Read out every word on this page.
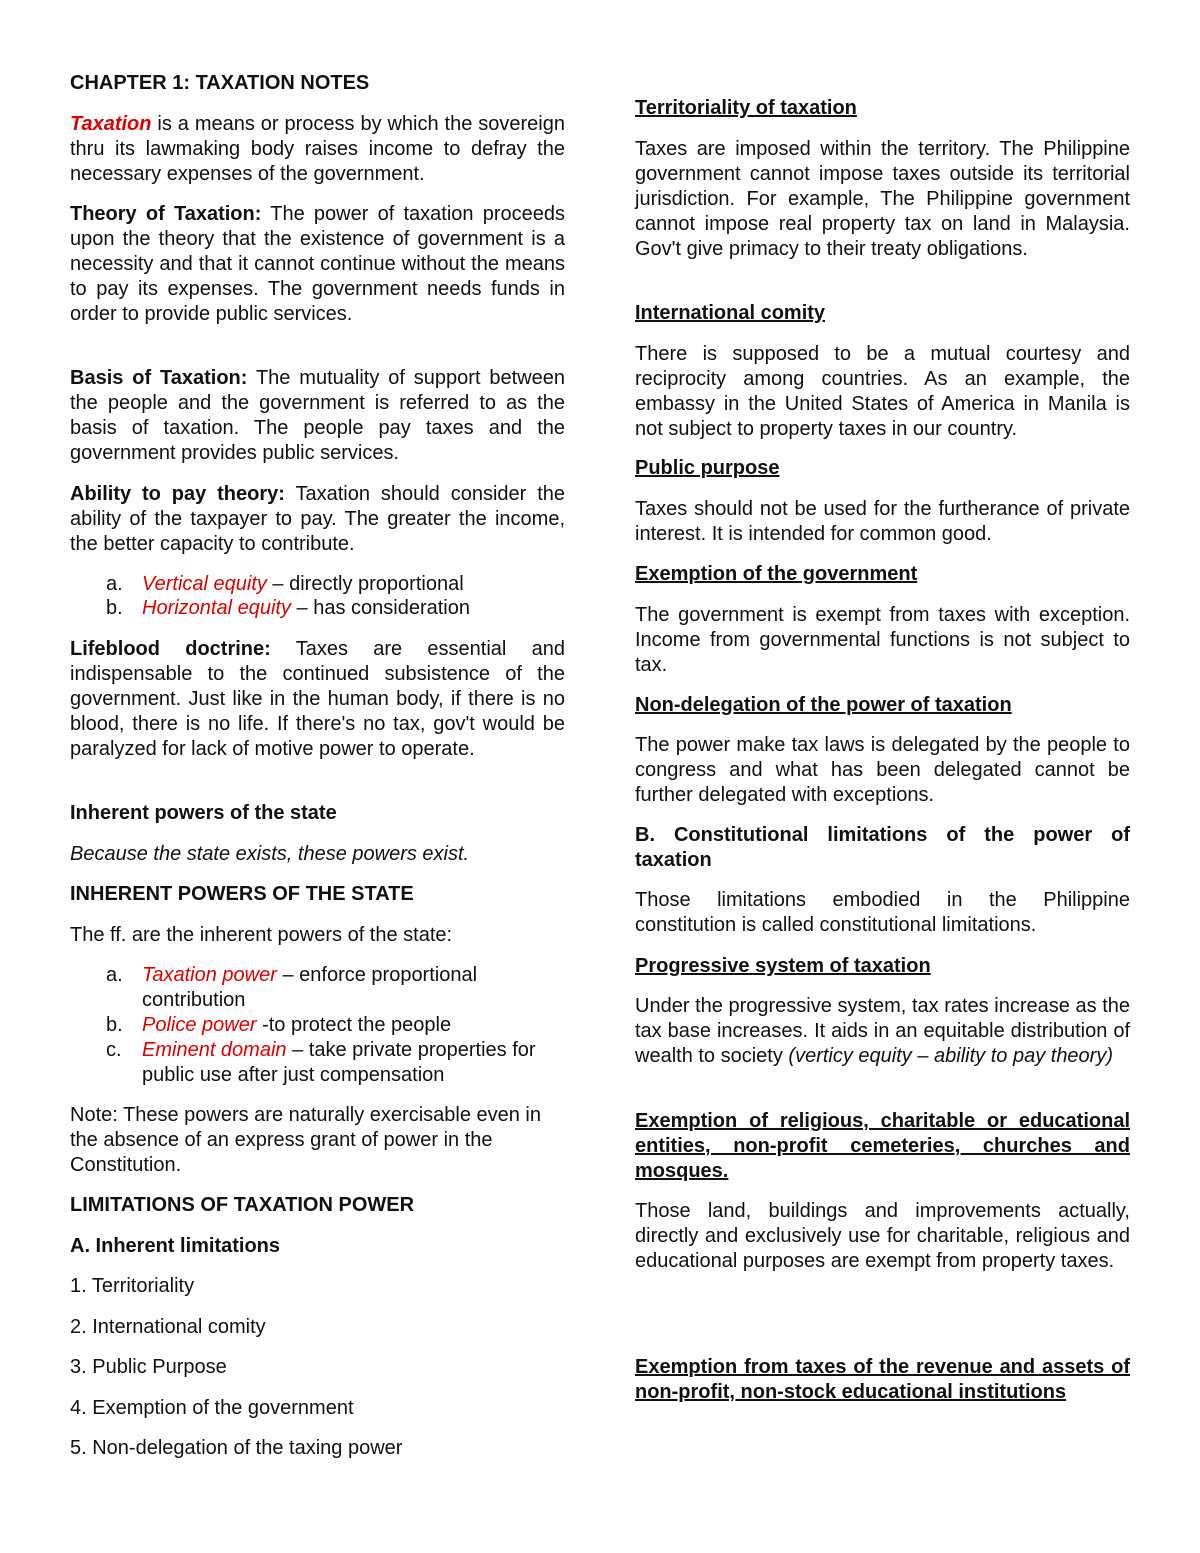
CHAPTER 1: TAXATION NOTES

Taxation is a means or process by which the sovereign thru its lawmaking body raises income to defray the necessary expenses of the government.

Theory of Taxation: The power of taxation proceeds upon the theory that the existence of government is a necessity and that it cannot continue without the means to pay its expenses. The government needs funds in order to provide public services.

Basis of Taxation: The mutuality of support between the people and the government is referred to as the basis of taxation. The people pay taxes and the government provides public services.

Ability to pay theory: Taxation should consider the ability of the taxpayer to pay. The greater the income, the better capacity to contribute.

a. Vertical equity – directly proportional
b. Horizontal equity – has consideration

Lifeblood doctrine: Taxes are essential and indispensable to the continued subsistence of the government. Just like in the human body, if there is no blood, there is no life. If there's no tax, gov't would be paralyzed for lack of motive power to operate.

Inherent powers of the state

Because the state exists, these powers exist.

INHERENT POWERS OF THE STATE

The ff. are the inherent powers of the state:

a. Taxation power – enforce proportional contribution
b. Police power -to protect the people
c. Eminent domain – take private properties for public use after just compensation

Note: These powers are naturally exercisable even in the absence of an express grant of power in the Constitution.

LIMITATIONS OF TAXATION POWER

A. Inherent limitations

1. Territoriality

2. International comity

3. Public Purpose

4. Exemption of the government

5. Non-delegation of the taxing power

Territoriality of taxation

Taxes are imposed within the territory. The Philippine government cannot impose taxes outside its territorial jurisdiction. For example, The Philippine government cannot impose real property tax on land in Malaysia. Gov't give primacy to their treaty obligations.

International comity

There is supposed to be a mutual courtesy and reciprocity among countries. As an example, the embassy in the United States of America in Manila is not subject to property taxes in our country.

Public purpose

Taxes should not be used for the furtherance of private interest. It is intended for common good.

Exemption of the government

The government is exempt from taxes with exception. Income from governmental functions is not subject to tax.

Non-delegation of the power of taxation

The power make tax laws is delegated by the people to congress and what has been delegated cannot be further delegated with exceptions.

B. Constitutional limitations of the power of taxation

Those limitations embodied in the Philippine constitution is called constitutional limitations.

Progressive system of taxation

Under the progressive system, tax rates increase as the tax base increases. It aids in an equitable distribution of wealth to society (verticy equity – ability to pay theory)

Exemption of religious, charitable or educational entities, non-profit cemeteries, churches and mosques.

Those land, buildings and improvements actually, directly and exclusively use for charitable, religious and educational purposes are exempt from property taxes.

Exemption from taxes of the revenue and assets of non-profit, non-stock educational institutions
